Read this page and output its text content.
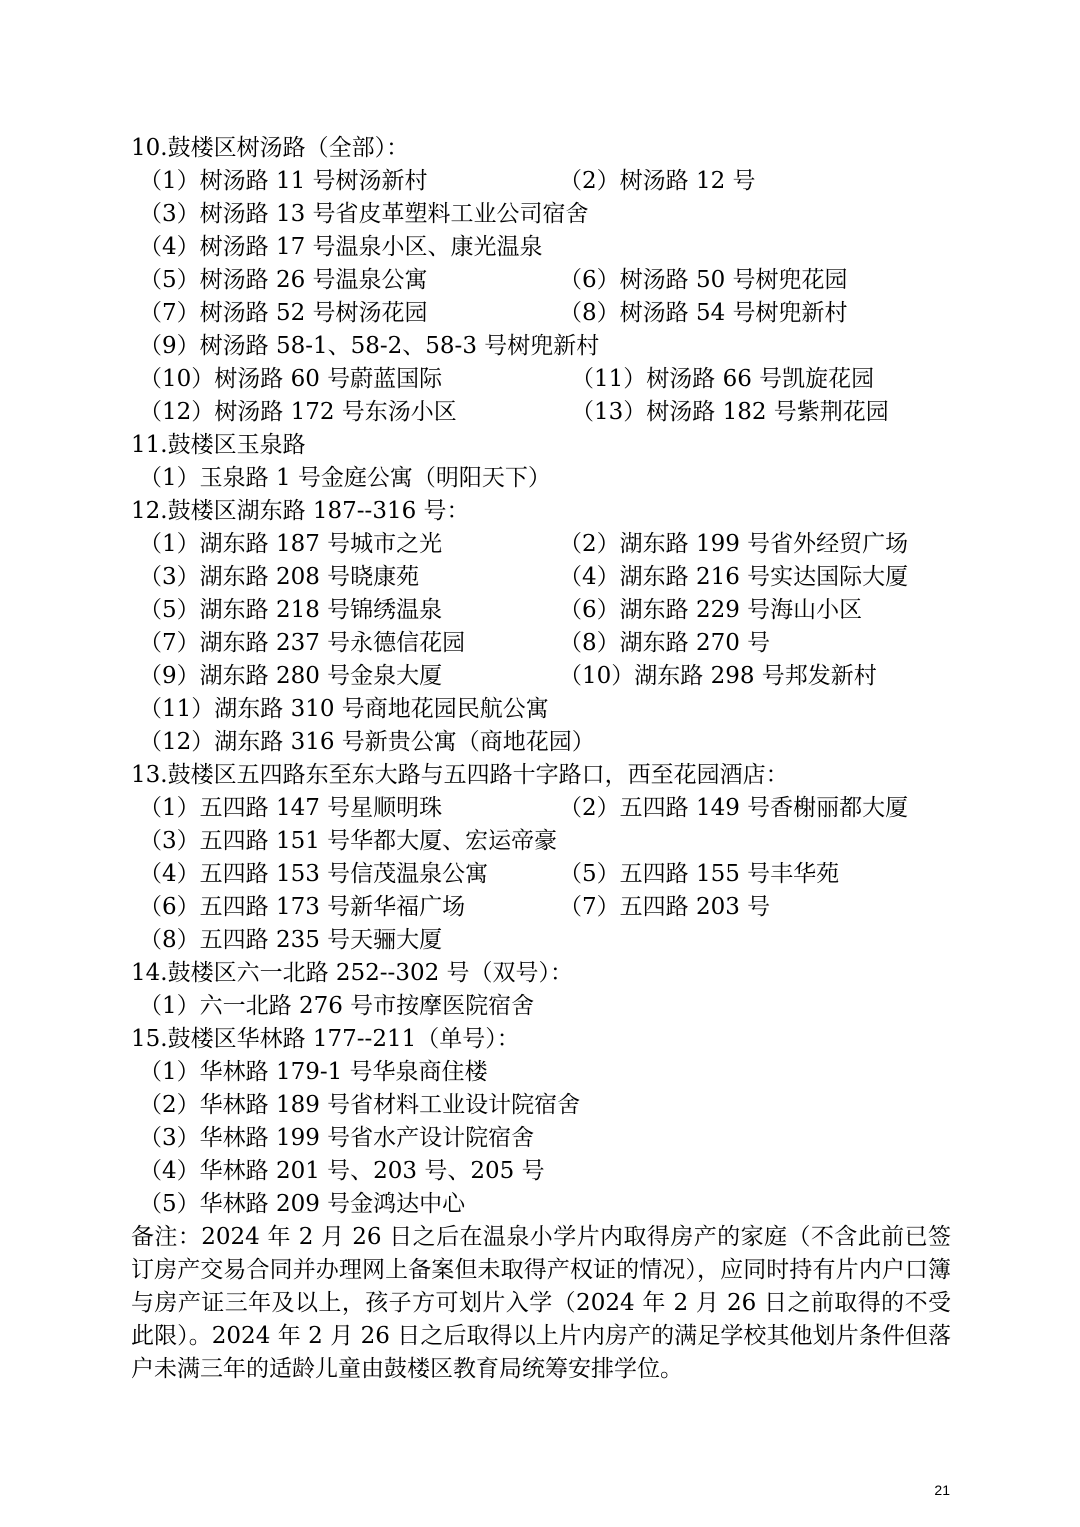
10.鼓楼区树汤路（全部）：
（1）树汤路 11 号树汤新村	（2）树汤路 12 号
（3）树汤路 13 号省皮革塑料工业公司宿舍
（4）树汤路 17 号温泉小区、康光温泉
（5）树汤路 26 号温泉公寓	（6）树汤路 50 号树兜花园
（7）树汤路 52 号树汤花园	（8）树汤路 54 号树兜新村
（9）树汤路 58-1、58-2、58-3 号树兜新村
（10）树汤路 60 号蔚蓝国际	（11）树汤路 66 号凯旋花园
（12）树汤路 172 号东汤小区	（13）树汤路 182 号紫荆花园
11.鼓楼区玉泉路
（1）玉泉路 1 号金庭公寓（明阳天下）
12.鼓楼区湖东路 187--316 号：
（1）湖东路 187 号城市之光	（2）湖东路 199 号省外经贸广场
（3）湖东路 208 号晓康苑	（4）湖东路 216 号实达国际大厦
（5）湖东路 218 号锦绣温泉	（6）湖东路 229 号海山小区
（7）湖东路 237 号永德信花园	（8）湖东路 270 号
（9）湖东路 280 号金泉大厦	（10）湖东路 298 号邦发新村
（11）湖东路 310 号商地花园民航公寓
（12）湖东路 316 号新贵公寓（商地花园）
13.鼓楼区五四路东至东大路与五四路十字路口，西至花园酒店：
（1）五四路 147 号星顺明珠	（2）五四路 149 号香榭丽都大厦
（3）五四路 151 号华都大厦、宏运帝豪
（4）五四路 153 号信茂温泉公寓	（5）五四路 155 号丰华苑
（6）五四路 173 号新华福广场	（7）五四路 203 号
（8）五四路 235 号天骊大厦
14.鼓楼区六一北路 252--302 号（双号）：
（1）六一北路 276 号市按摩医院宿舍
15.鼓楼区华林路 177--211（单号）：
（1）华林路 179-1 号华泉商住楼
（2）华林路 189 号省材料工业设计院宿舍
（3）华林路 199 号省水产设计院宿舍
（4）华林路 201 号、203 号、205 号
（5）华林路 209 号金鸿达中心
备注：2024 年 2 月 26 日之后在温泉小学片内取得房产的家庭（不含此前已签订房产交易合同并办理网上备案但未取得产权证的情况），应同时持有片内户口簿与房产证三年及以上，孩子方可划片入学（2024 年 2 月 26 日之前取得的不受此限）。2024 年 2 月 26 日之后取得以上片内房产的满足学校其他划片条件但落户未满三年的适龄儿童由鼓楼区教育局统筹安排学位。
21
